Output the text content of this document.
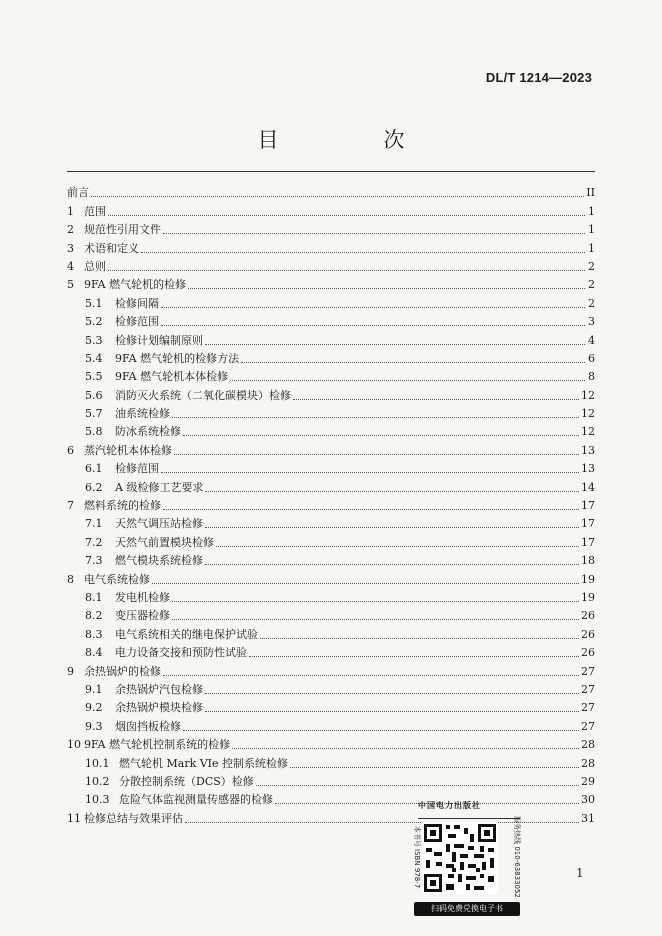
DL/T 1214—2023
目　次
前言	II
1 范围	1
2 规范性引用文件	1
3 术语和定义	1
4 总则	2
5 9FA 燃气轮机的检修	2
5.1	检修间隔	2
5.2	检修范围	3
5.3	检修计划编制原则	4
5.4	9FA 燃气轮机的检修方法	6
5.5	9FA 燃气轮机本体检修	8
5.6	消防灭火系统（二氧化碳模块）检修	12
5.7	油系统检修	12
5.8	防冰系统检修	12
6 蒸汽轮机本体检修	13
6.1	检修范围	13
6.2	A 级检修工艺要求	14
7 燃料系统的检修	17
7.1	天然气调压站检修	17
7.2	天然气前置模块检修	17
7.3	燃气模块系统检修	18
8 电气系统检修	19
8.1	发电机检修	19
8.2	变压器检修	26
8.3	电气系统相关的继电保护试验	26
8.4	电力设备交接和预防性试验	26
9 余热锅炉的检修	27
9.1	余热锅炉汽包检修	27
9.2	余热锅炉模块检修	27
9.3	烟囱挡板检修	27
10 9FA 燃气轮机控制系统的检修	28
10.1 燃气轮机 Mark VIe 控制系统检修	28
10.2 分散控制系统（DCS）检修	29
10.3 危险气体监视测量传感器的检修	30
11 检修总结与效果评估	31
1
中国电力出版社
本书号 ISBN 978-7	服务热线 010-63833052
扫码免费兑换电子书
